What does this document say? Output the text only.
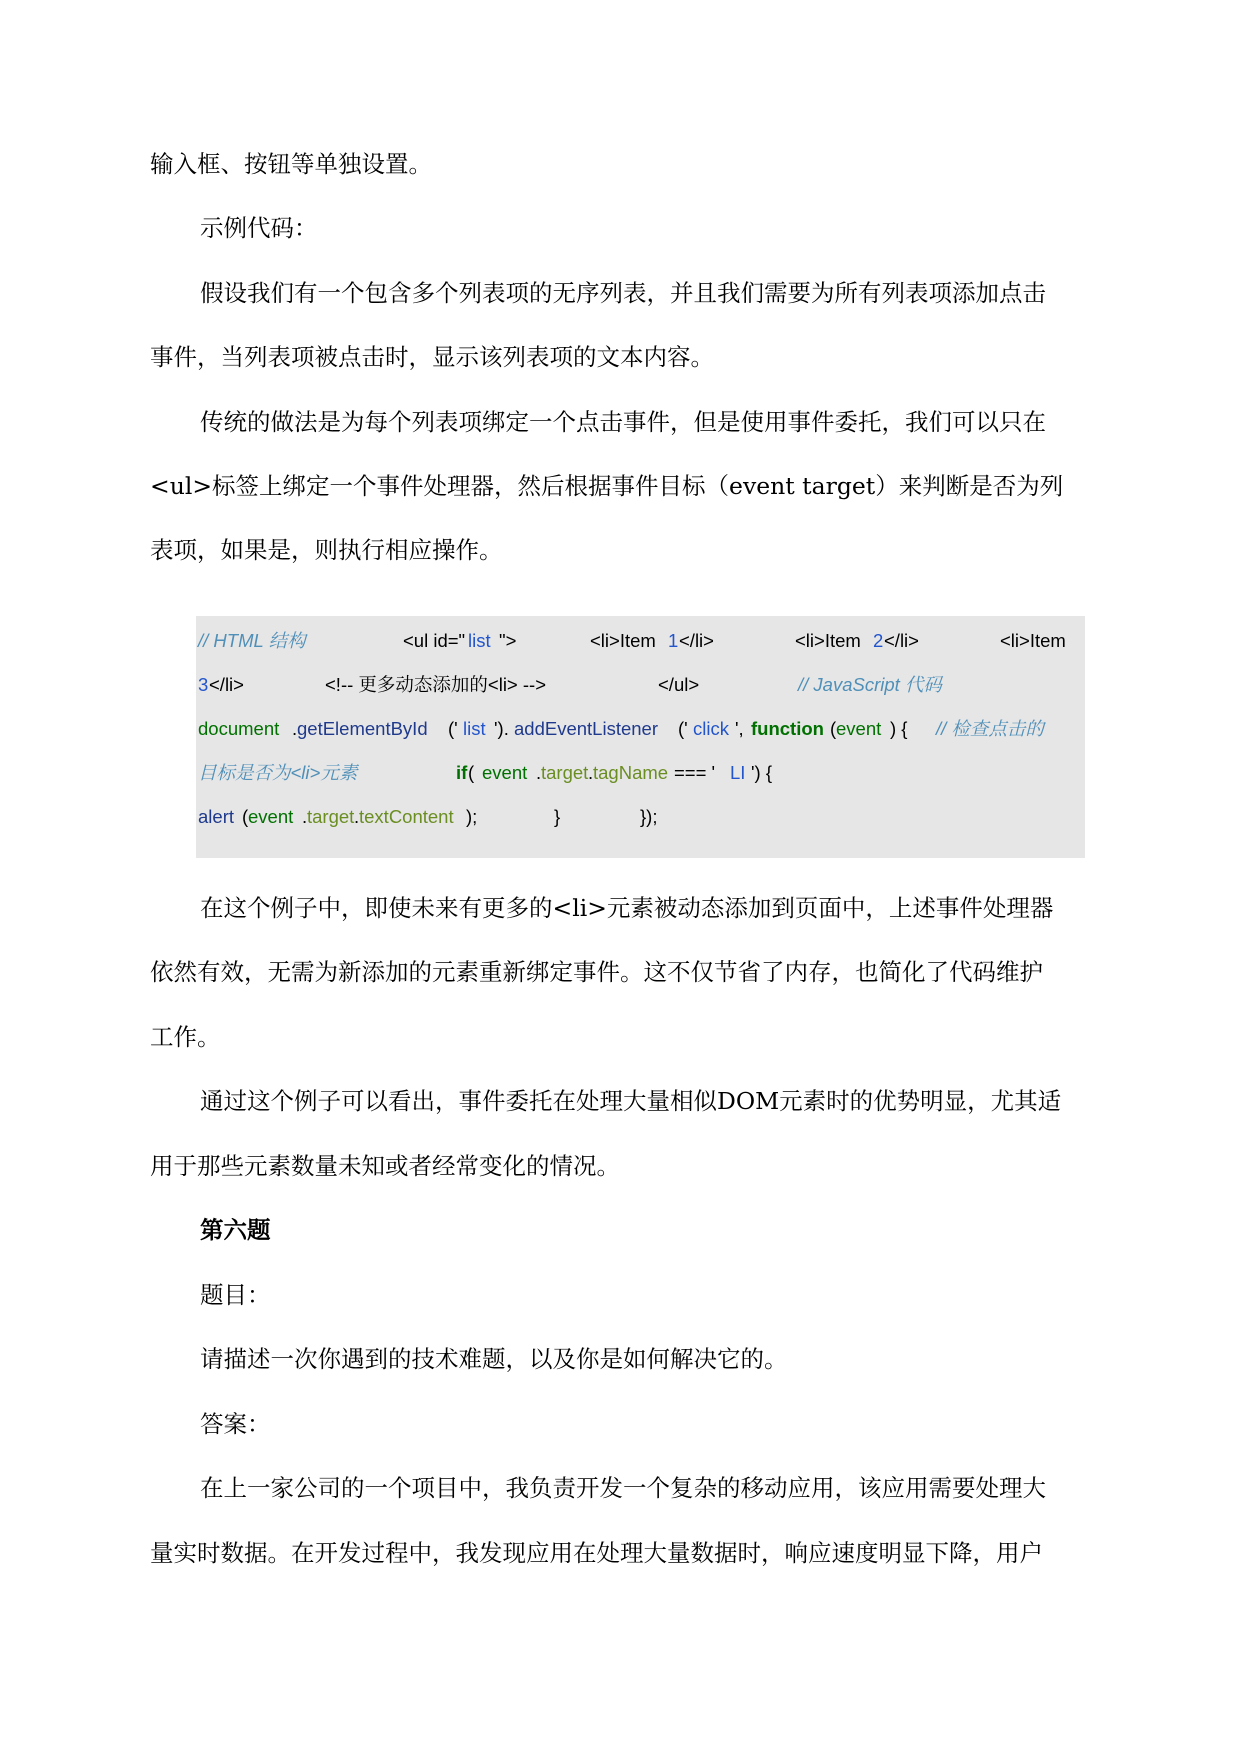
输入框、按钮等单独设置。
示例代码：
假设我们有一个包含多个列表项的无序列表，并且我们需要为所有列表项添加点击
事件，当列表项被点击时，显示该列表项的文本内容。
传统的做法是为每个列表项绑定一个点击事件，但是使用事件委托，我们可以只在
<ul>标签上绑定一个事件处理器，然后根据事件目标（event target）来判断是否为列
表项，如果是，则执行相应操作。
// HTML 结构	<ul id=" list ">	<li>Item 1 </li>	<li>Item 2 </li>	<li>Item
3 </li>	<!-- 更多动态添加的<li> -->	</ul>	// JavaScript 代码
document . getElementById (' list '). addEventListener (' click ', function ( event ) { // 检查点击的
目标是否为<li>元素	if ( event . target . tagName === ' LI ') {
alert ( event . target . textContent );	}	});
在这个例子中，即使未来有更多的<li>元素被动态添加到页面中，上述事件处理器
依然有效，无需为新添加的元素重新绑定事件。这不仅节省了内存，也简化了代码维护
工作。
通过这个例子可以看出，事件委托在处理大量相似DOM元素时的优势明显，尤其适
用于那些元素数量未知或者经常变化的情况。
第六题
题目：
请描述一次你遇到的技术难题，以及你是如何解决它的。
答案：
在上一家公司的一个项目中，我负责开发一个复杂的移动应用，该应用需要处理大
量实时数据。在开发过程中，我发现应用在处理大量数据时，响应速度明显下降，用户
